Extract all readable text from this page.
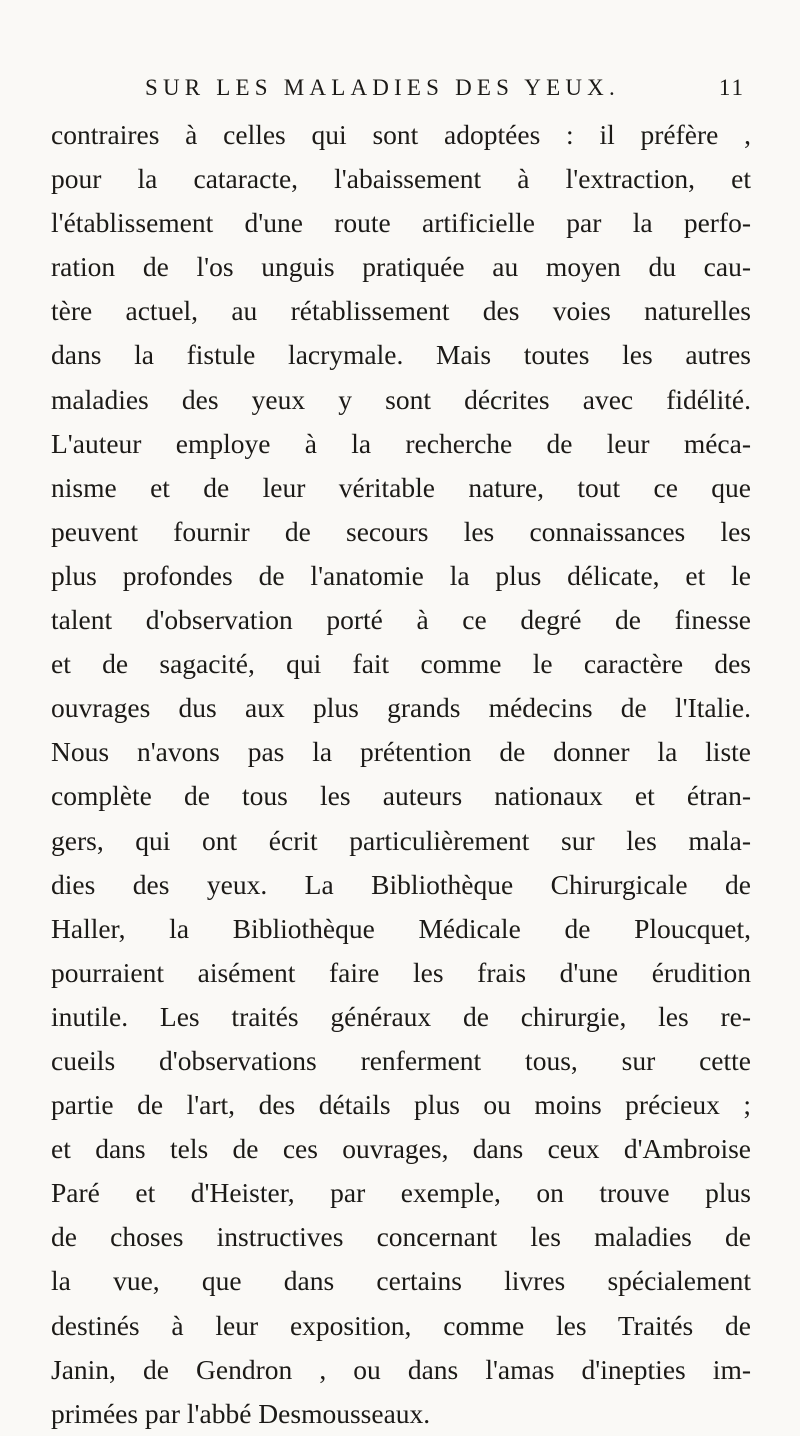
SUR LES MALADIES DES YEUX.	11
contraires à celles qui sont adoptées : il préfère ,
pour la cataracte, l'abaissement à l'extraction, et
l'établissement d'une route artificielle par la perfo-
ration de l'os unguis pratiquée au moyen du cau-
tère actuel, au rétablissement des voies naturelles
dans la fistule lacrymale. Mais toutes les autres
maladies des yeux y sont décrites avec fidélité.
L'auteur employe à la recherche de leur méca-
nisme et de leur véritable nature, tout ce que
peuvent fournir de secours les connaissances les
plus profondes de l'anatomie la plus délicate, et le
talent d'observation porté à ce degré de finesse
et de sagacité, qui fait comme le caractère des
ouvrages dus aux plus grands médecins de l'Italie.
Nous n'avons pas la prétention de donner la liste
complète de tous les auteurs nationaux et étran-
gers, qui ont écrit particulièrement sur les mala-
dies des yeux. La Bibliothèque Chirurgicale de
Haller, la Bibliothèque Médicale de Ploucquet,
pourraient aisément faire les frais d'une érudition
inutile. Les traités généraux de chirurgie, les re-
cueils d'observations renferment tous, sur cette
partie de l'art, des détails plus ou moins précieux ;
et dans tels de ces ouvrages, dans ceux d'Ambroise
Paré et d'Heister, par exemple, on trouve plus
de choses instructives concernant les maladies de
la vue, que dans certains livres spécialement
destinés à leur exposition, comme les Traités de
Janin, de Gendron , ou dans l'amas d'inepties im-
primées par l'abbé Desmousseaux.
